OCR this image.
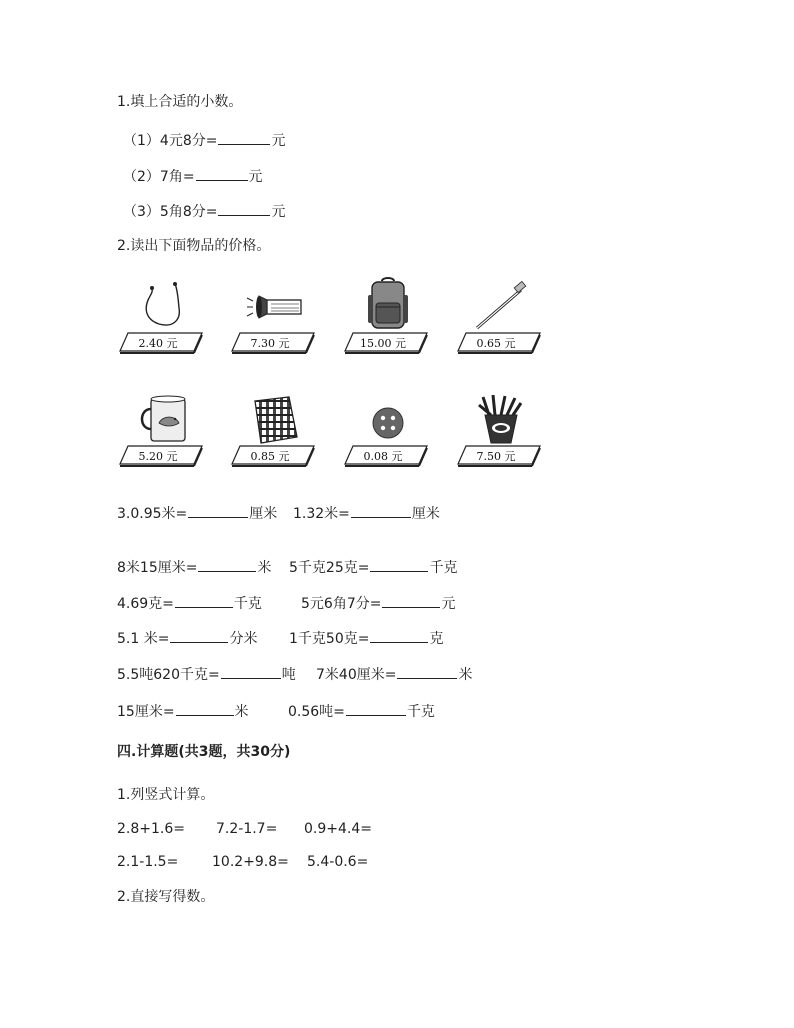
1.填上合适的小数。
（1）4元8分=	元
（2）7角=	元
（3）5角8分=	元
2.读出下面物品的价格。
2.40 元	7.30 元	15.00 元	0.65 元
5.20 元	0.85 元	0.08 元	7.50 元
3.0.95米=	厘米 1.32米=	厘米
8米15厘米=	米 5千克25克=	千克
4.69克=	千克	5元6角7分=	元
5.1 米=	分米 1千克50克=	克
5.5吨620千克=	吨 7米40厘米=	米
15厘米=	米	0.56吨=	千克
四.计算题(共3题，共30分)
1.列竖式计算。
2.8+1.6= 7.2-1.7= 0.9+4.4=
2.1-1.5= 10.2+9.8= 5.4-0.6=
2.直接写得数。
